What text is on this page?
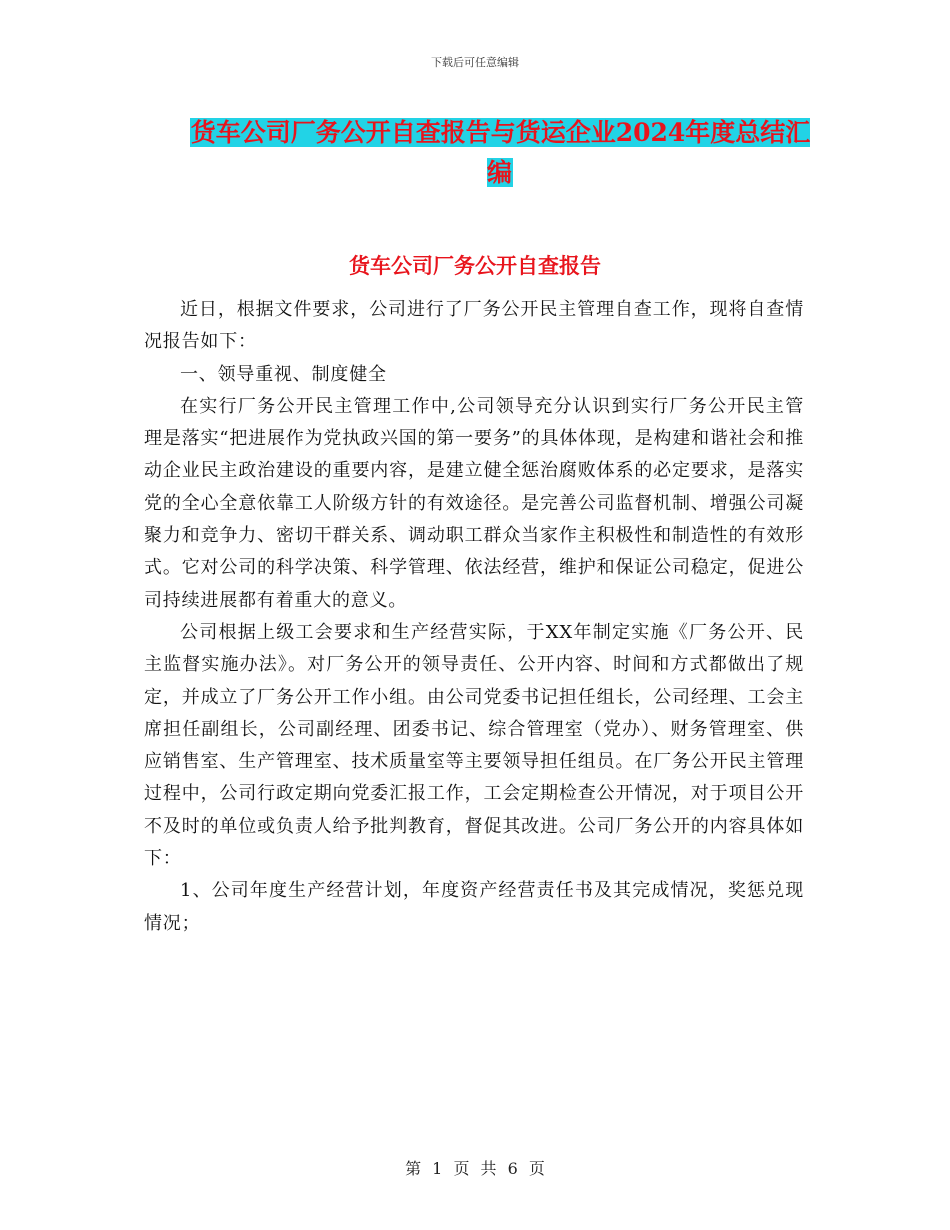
下载后可任意编辑
货车公司厂务公开自查报告与货运企业2024年度总结汇编
货车公司厂务公开自查报告

近日，根据文件要求，公司进行了厂务公开民主管理自查工作，现将自查情况报告如下：

一、领导重视、制度健全

在实行厂务公开民主管理工作中,公司领导充分认识到实行厂务公开民主管理是落实“把进展作为党执政兴国的第一要务”的具体体现，是构建和谐社会和推动企业民主政治建设的重要内容，是建立健全惩治腐败体系的必定要求，是落实党的全心全意依靠工人阶级方针的有效途径。是完善公司监督机制、增强公司凝聚力和竞争力、密切干群关系、调动职工群众当家作主积极性和制造性的有效形式。它对公司的科学决策、科学管理、依法经营，维护和保证公司稳定，促进公司持续进展都有着重大的意义。

公司根据上级工会要求和生产经营实际，于XX年制定实施《厂务公开、民主监督实施办法》。对厂务公开的领导责任、公开内容、时间和方式都做出了规定，并成立了厂务公开工作小组。由公司党委书记担任组长，公司经理、工会主席担任副组长，公司副经理、团委书记、综合管理室（党办）、财务管理室、供应销售室、生产管理室、技术质量室等主要领导担任组员。在厂务公开民主管理过程中，公司行政定期向党委汇报工作，工会定期检查公开情况，对于项目公开不及时的单位或负责人给予批判教育，督促其改进。公司厂务公开的内容具体如下：

1、公司年度生产经营计划，年度资产经营责任书及其完成情况，奖惩兑现情况；

第 1 页 共 6 页
